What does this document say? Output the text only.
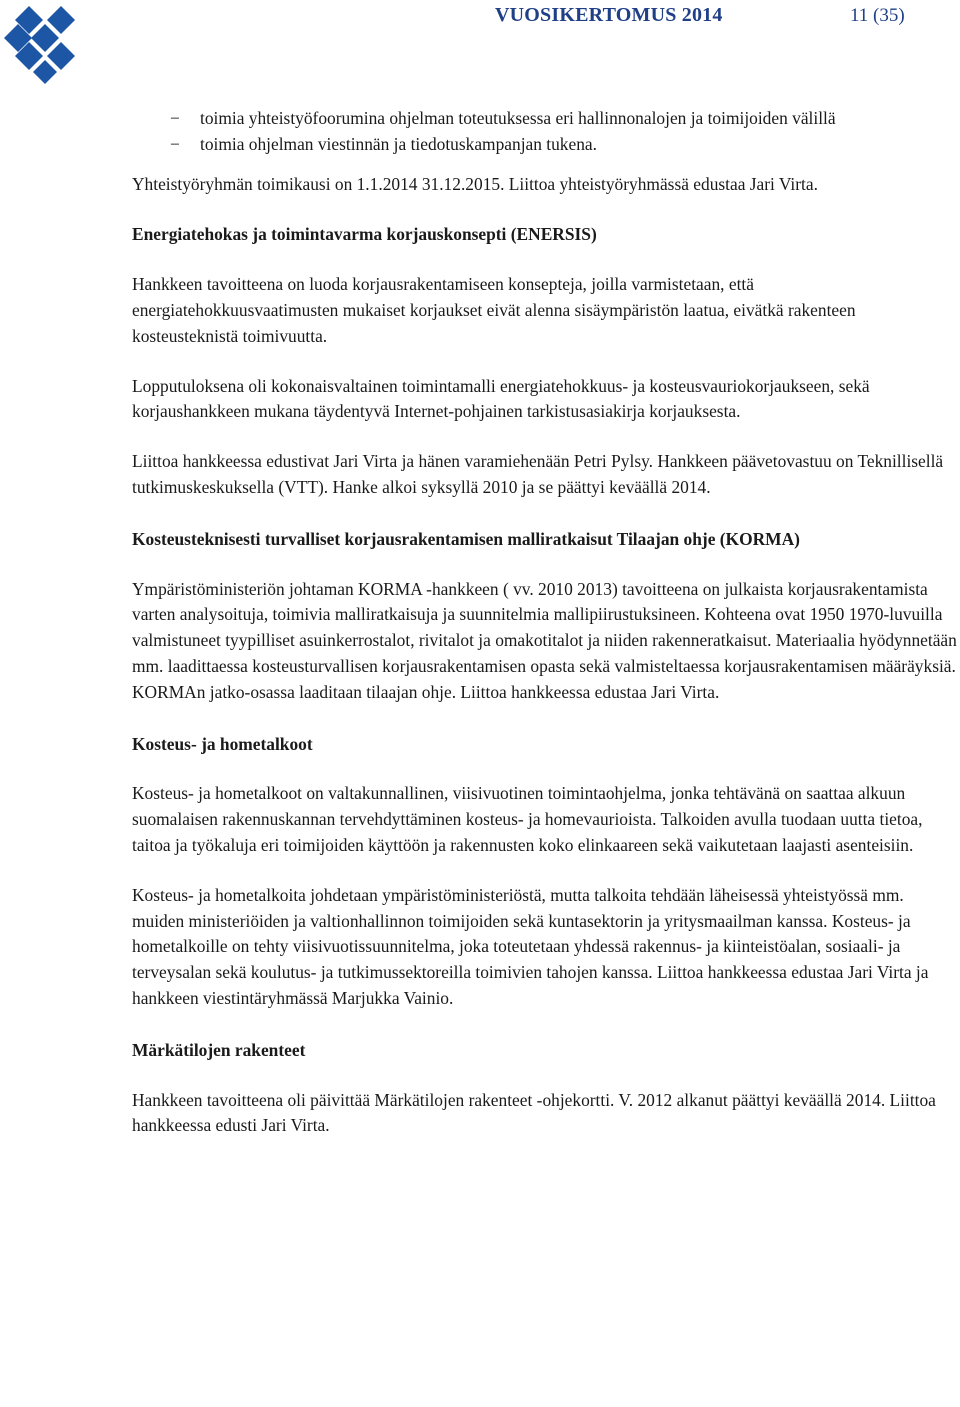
VUOSIKERTOMUS 2014	11 (35)

− toimia yhteistyöfoorumina ohjelman toteutuksessa eri hallinnonalojen ja toimijoiden välillä

− toimia ohjelman viestinnän ja tiedotuskampanjan tukena.

Yhteistyöryhmän toimikausi on 1.1.2014 31.12.2015. Liittoa yhteistyöryhmässä edustaa Jari Virta.

Energiatehokas ja toimintavarma korjauskonsepti (ENERSIS)

Hankkeen tavoitteena on luoda korjausrakentamiseen konsepteja, joilla varmistetaan, että energiatehokkuusvaatimusten mukaiset korjaukset eivät alenna sisäympäristön laatua, eivätkä rakenteen kosteusteknistä toimivuutta.

Lopputuloksena oli kokonaisvaltainen toimintamalli energiatehokkuus- ja kosteusvauriokorjaukseen, sekä korjaushankkeen mukana täydentyvä Internet-pohjainen tarkistusasiakirja korjauksesta.

Liittoa hankkeessa edustivat Jari Virta ja hänen varamiehenään Petri Pylsy. Hankkeen päävetovastuu on Teknillisellä tutkimuskeskuksella (VTT). Hanke alkoi syksyllä 2010 ja se päättyi keväällä 2014.

Kosteusteknisesti turvalliset korjausrakentamisen malliratkaisut Tilaajan ohje (KORMA)

Ympäristöministeriön johtaman KORMA -hankkeen ( vv. 2010 2013) tavoitteena on julkaista korjausrakentamista varten analysoituja, toimivia malliratkaisuja ja suunnitelmia mallipiirustuksineen. Kohteena ovat 1950 1970-luvuilla valmistuneet tyypilliset asuinkerrostalot, rivitalot ja omakotitalot ja niiden rakenneratkaisut. Materiaalia hyödynnetään mm. laadittaessa kosteusturvallisen korjausrakentamisen opasta sekä valmisteltaessa korjausrakentamisen määräyksiä. KORMAn jatko-osassa laaditaan tilaajan ohje. Liittoa hankkeessa edustaa Jari Virta.

Kosteus- ja hometalkoot

Kosteus- ja hometalkoot on valtakunnallinen, viisivuotinen toimintaohjelma, jonka tehtävänä on saattaa alkuun suomalaisen rakennuskannan tervehdyttäminen kosteus- ja homevaurioista. Talkoiden avulla tuodaan uutta tietoa, taitoa ja työkaluja eri toimijoiden käyttöön ja rakennusten koko elinkaareen sekä vaikutetaan laajasti asenteisiin.

Kosteus- ja hometalkoita johdetaan ympäristöministeriöstä, mutta talkoita tehdään läheisessä yhteistyössä mm. muiden ministeriöiden ja valtionhallinnon toimijoiden sekä kuntasektorin ja yritysmaailman kanssa. Kosteus- ja hometalkoille on tehty viisivuotissuunnitelma, joka toteutetaan yhdessä rakennus- ja kiinteistöalan, sosiaali- ja terveysalan sekä koulutus- ja tutkimussektoreilla toimivien tahojen kanssa. Liittoa hankkeessa edustaa Jari Virta ja hankkeen viestintäryhmässä Marjukka Vainio.

Märkätilojen rakenteet

Hankkeen tavoitteena oli päivittää Märkätilojen rakenteet -ohjekortti. V. 2012 alkanut päättyi keväällä 2014. Liittoa hankkeessa edusti Jari Virta.
